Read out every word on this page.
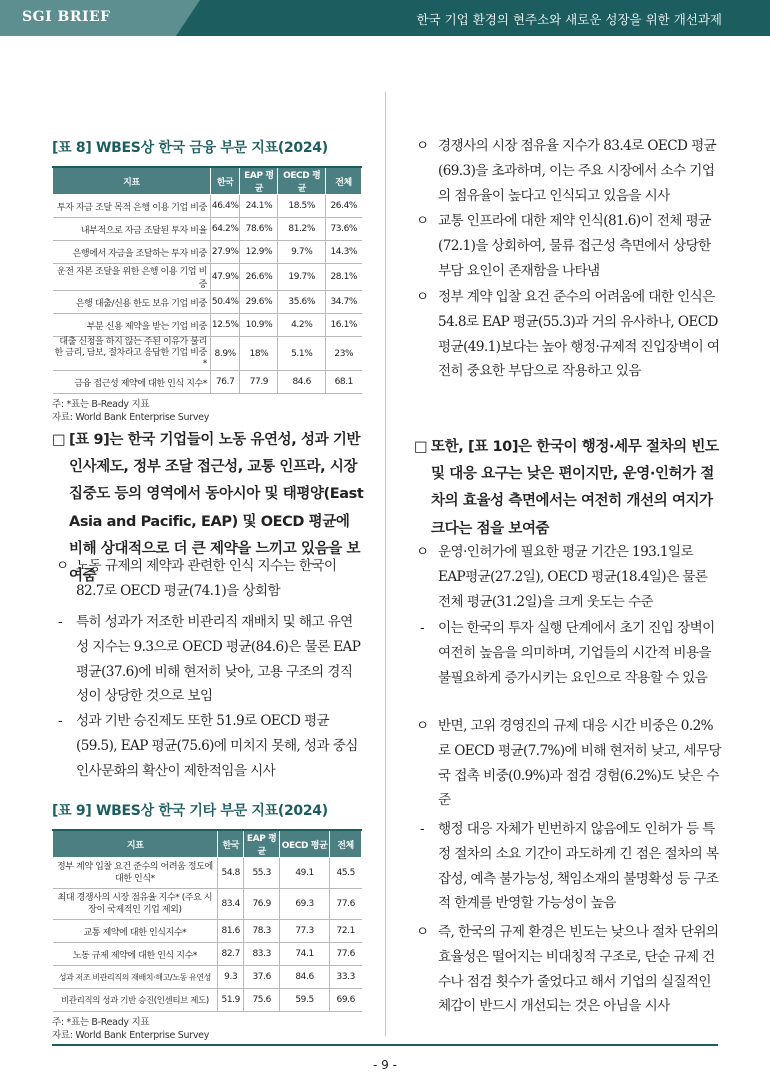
SGI BRIEF	한국 기업 환경의 현주소와 새로운 성장을 위한 개선과제
[표 8] WBES상 한국 금융 부문 지표(2024)
지표	한국	EAP 평균	OECD 평균	전체
투자 자금 조달 목적 은행 이용 기업 비중	46.4%	24.1%	18.5%	26.4%
내부적으로 자금 조달된 투자 비율	64.2%	78.6%	81.2%	73.6%
은행에서 자금을 조달하는 투자 비중	27.9%	12.9%	9.7%	14.3%
운전 자본 조달을 위한 은행 이용 기업 비중	47.9%	26.6%	19.7%	28.1%
은행 대출/신용 한도 보유 기업 비중	50.4%	29.6%	35.6%	34.7%
부분 신용 제약을 받는 기업 비중	12.5%	10.9%	4.2%	16.1%
대출 신청을 하지 않는 주된 이유가 불리한 금리, 담보, 절차라고 응답한 기업 비중*	8.9%	18%	5.1%	23%
금융 접근성 제약에 대한 인식 지수*	76.7	77.9	84.6	68.1
주: *표는 B-Ready 지표
자료: World Bank Enterprise Survey
□ [표 9]는 한국 기업들이 노동 유연성, 성과 기반 인사제도, 정부 조달 접근성, 교통 인프라, 시장 집중도 등의 영역에서 동아시아 및 태평양(East Asia and Pacific, EAP) 및 OECD 평균에 비해 상대적으로 더 큰 제약을 느끼고 있음을 보여줌
ㅇ 노동 규제의 제약과 관련한 인식 지수는 한국이 82.7로 OECD 평균(74.1)을 상회함
- 특히 성과가 저조한 비관리직 재배치 및 해고 유연성 지수는 9.3으로 OECD 평균(84.6)은 물론 EAP 평균(37.6)에 비해 현저히 낮아, 고용 구조의 경직성이 상당한 것으로 보임
- 성과 기반 승진제도 또한 51.9로 OECD 평균(59.5), EAP 평균(75.6)에 미치지 못해, 성과 중심 인사문화의 확산이 제한적임을 시사
[표 9] WBES상 한국 기타 부문 지표(2024)
지표	한국	EAP 평균	OECD 평균	전체
정부 계약 입찰 요건 준수의 어려움 정도에 대한 인식*	54.8	55.3	49.1	45.5
최대 경쟁사의 시장 점유율 지수* (주요 시장이 국제적인 기업 제외)	83.4	76.9	69.3	77.6
교통 제약에 대한 인식지수*	81.6	78.3	77.3	72.1
노동 규제 제약에 대한 인식 지수*	82.7	83.3	74.1	77.6
성과 저조 비관리직의 재배치·해고/노동 유연성	9.3	37.6	84.6	33.3
비관리직의 성과 기반 승진(인센티브 제도)	51.9	75.6	59.5	69.6
주: *표는 B-Ready 지표
자료: World Bank Enterprise Survey
ㅇ 경쟁사의 시장 점유율 지수가 83.4로 OECD 평균(69.3)을 초과하며, 이는 주요 시장에서 소수 기업의 점유율이 높다고 인식되고 있음을 시사
ㅇ 교통 인프라에 대한 제약 인식(81.6)이 전체 평균(72.1)을 상회하여, 물류 접근성 측면에서 상당한 부담 요인이 존재함을 나타냄
ㅇ 정부 계약 입찰 요건 준수의 어려움에 대한 인식은 54.8로 EAP 평균(55.3)과 거의 유사하나, OECD 평균(49.1)보다는 높아 행정·규제적 진입장벽이 여전히 중요한 부담으로 작용하고 있음
□ 또한, [표 10]은 한국이 행정·세무 절차의 빈도 및 대응 요구는 낮은 편이지만, 운영·인허가 절차의 효율성 측면에서는 여전히 개선의 여지가 크다는 점을 보여줌
ㅇ 운영·인허가에 필요한 평균 기간은 193.1일로 EAP평균(27.2일), OECD 평균(18.4일)은 물론 전체 평균(31.2일)을 크게 웃도는 수준
- 이는 한국의 투자 실행 단계에서 초기 진입 장벽이 여전히 높음을 의미하며, 기업들의 시간적 비용을 불필요하게 증가시키는 요인으로 작용할 수 있음
ㅇ 반면, 고위 경영진의 규제 대응 시간 비중은 0.2%로 OECD 평균(7.7%)에 비해 현저히 낮고, 세무당국 접촉 비중(0.9%)과 점검 경험(6.2%)도 낮은 수준
- 행정 대응 자체가 빈번하지 않음에도 인허가 등 특정 절차의 소요 기간이 과도하게 긴 점은 절차의 복잡성, 예측 불가능성, 책임소재의 불명확성 등 구조적 한계를 반영할 가능성이 높음
ㅇ 즉, 한국의 규제 환경은 빈도는 낮으나 절차 단위의 효율성은 떨어지는 비대칭적 구조로, 단순 규제 건수나 점검 횟수가 줄었다고 해서 기업의 실질적인 체감이 반드시 개선되는 것은 아님을 시사
- 9 -
